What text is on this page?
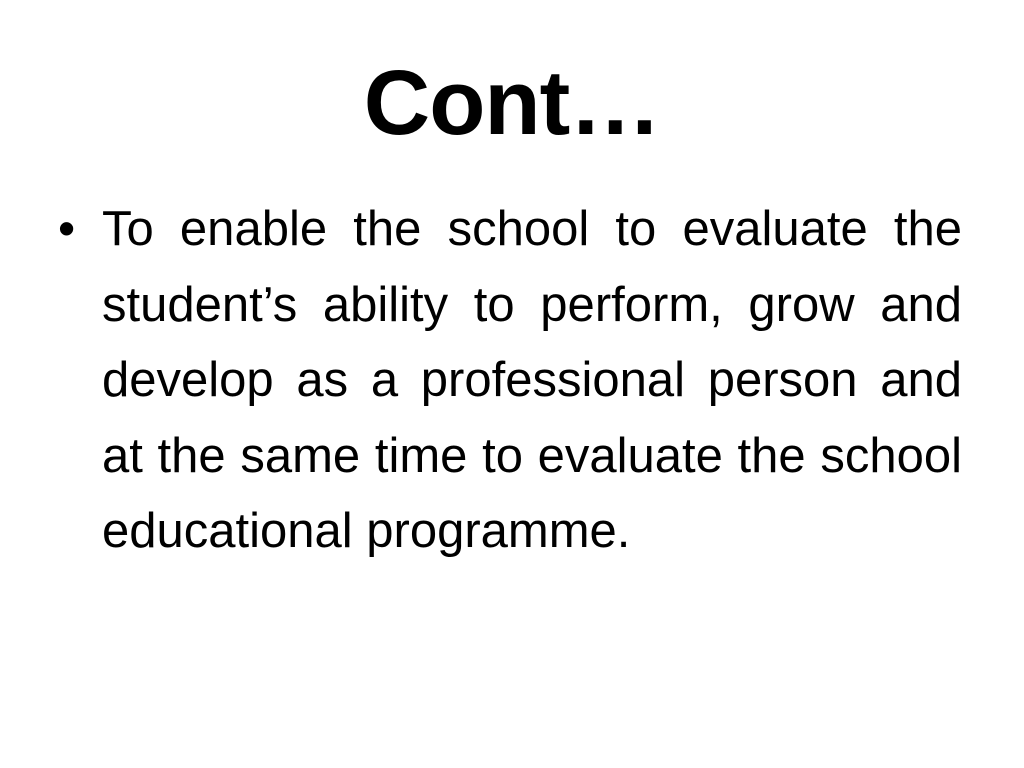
Cont…
• To enable the school to evaluate the student’s ability to perform, grow and develop as a professional person and at the same time to evaluate the school educational programme.
